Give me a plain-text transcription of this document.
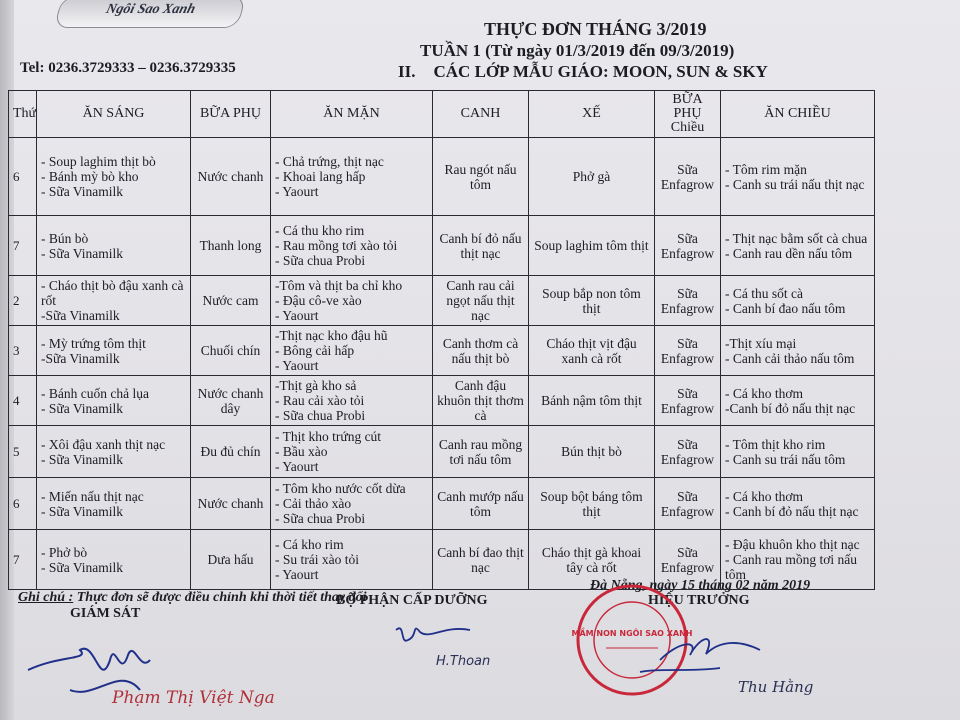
Ngôi Sao Xanh
Tel: 0236.3729333 – 0236.3729335
THỰC ĐƠN THÁNG 3/2019
TUẦN 1 (Từ ngày 01/3/2019 đến 09/3/2019)
II. CÁC LỚP MẪU GIÁO: MOON, SUN & SKY
Thứ	ĂN SÁNG	BỮA PHỤ	ĂN MẶN	CANH	XẾ	BỮA PHỤ Chiều	ĂN CHIỀU
6	- Soup laghim thịt bò
- Bánh mỳ bò kho
- Sữa Vinamilk	Nước chanh	- Chả trứng, thịt nạc
- Khoai lang hấp
- Yaourt	Rau ngót nấu tôm	Phở gà	Sữa Enfagrow	- Tôm rim mặn
- Canh su trái nấu thịt nạc

7	- Bún bò
- Sữa Vinamilk	Thanh long	- Cá thu kho rim
- Rau mồng tơi xào tỏi
- Sữa chua Probi	Canh bí đỏ nấu thịt nạc	Soup laghim tôm thịt	Sữa Enfagrow	- Thịt nạc bằm sốt cà chua
- Canh rau dền nấu tôm

2	- Cháo thịt bò đậu xanh cà rốt
-Sữa Vinamilk	Nước cam	-Tôm và thịt ba chỉ kho
- Đậu cô-ve xào
- Yaourt	Canh rau cải ngọt nấu thịt nạc	Soup bắp non tôm thịt	Sữa Enfagrow	- Cá thu sốt cà
- Canh bí đao nấu tôm

3	- Mỳ trứng tôm thịt
-Sữa Vinamilk	Chuối chín	-Thịt nạc kho đậu hũ
- Bông cải hấp
- Yaourt	Canh thơm cà nấu thịt bò	Cháo thịt vịt đậu xanh cà rốt	Sữa Enfagrow	-Thịt xíu mại
- Canh cải thảo nấu tôm

4	- Bánh cuốn chả lụa
- Sữa Vinamilk	Nước chanh dây	-Thịt gà kho sả
- Rau cải xào tỏi
- Sữa chua Probi	Canh đậu khuôn thịt thơm cà	Bánh nậm tôm thịt	Sữa Enfagrow	- Cá kho thơm
-Canh bí đỏ nấu thịt nạc

5	- Xôi đậu xanh thịt nạc
- Sữa Vinamilk	Đu đủ chín	- Thịt kho trứng cút
- Bầu xào
- Yaourt	Canh rau mồng tơi nấu tôm	Bún thịt bò	Sữa Enfagrow	- Tôm thịt kho rim
- Canh su trái nấu tôm

6	- Miến nấu thịt nạc
- Sữa Vinamilk	Nước chanh	- Tôm kho nước cốt dừa
- Cải thảo xào
- Sữa chua Probi	Canh mướp nấu tôm	Soup bột báng tôm thịt	Sữa Enfagrow	- Cá kho thơm
- Canh bí đỏ nấu thịt nạc

7	- Phở bò
- Sữa Vinamilk	Dưa hấu	- Cá kho rim
- Su trái xào tỏi
- Yaourt	Canh bí đao thịt nạc	Cháo thịt gà khoai tây cà rốt	Sữa Enfagrow	- Đậu khuôn kho thịt nạc
- Canh rau mồng tơi nấu tôm
Ghi chú : Thực đơn sẽ được điều chỉnh khi thời tiết thay đổi
Đà Nẵng, ngày 15 tháng 02 năm 2019
GIÁM SÁT
BỘ PHẬN CẤP DƯỠNG	HIỆU TRƯỞNG
Phạm Thị Việt Nga
H.Thoan
MẦM NON NGÔI SAO XANH
Thu Hằng
